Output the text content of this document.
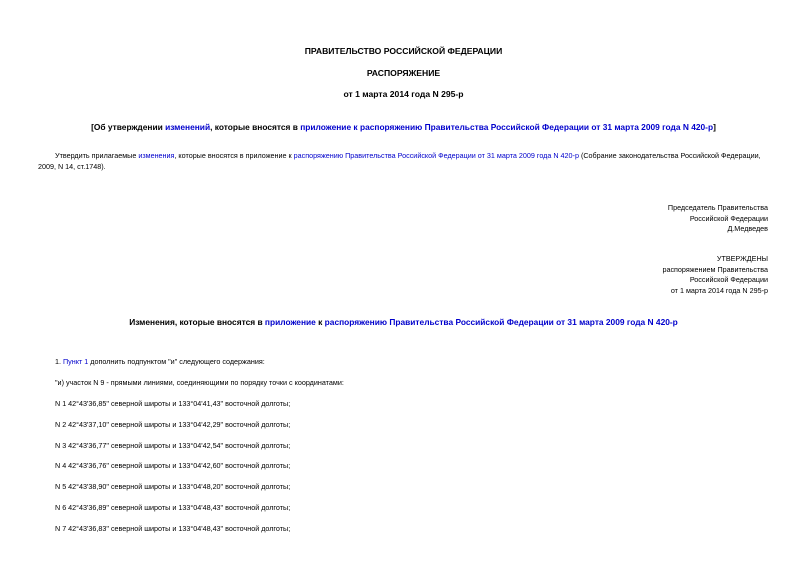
ПРАВИТЕЛЬСТВО РОССИЙСКОЙ ФЕДЕРАЦИИ
РАСПОРЯЖЕНИЕ
от 1 марта 2014 года N 295-р
[Об утверждении изменений, которые вносятся в приложение к распоряжению Правительства Российской Федерации от 31 марта 2009 года N 420-р]
Утвердить прилагаемые изменения, которые вносятся в приложение к распоряжению Правительства Российской Федерации от 31 марта 2009 года N 420-р (Собрание законодательства Российской Федерации,
2009, N 14, ст.1748).
Председатель Правительства
Российской Федерации
Д.Медведев
УТВЕРЖДЕНЫ
распоряжением Правительства
Российской Федерации
от 1 марта 2014 года N 295-р
Изменения, которые вносятся в приложение к распоряжению Правительства Российской Федерации от 31 марта 2009 года N 420-р
1. Пункт 1 дополнить подпунктом "и" следующего содержания:
"и) участок N 9 - прямыми линиями, соединяющими по порядку точки с координатами:
N 1 42°43'36,85" северной широты и 133°04'41,43" восточной долготы;
N 2 42°43'37,10" северной широты и 133°04'42,29" восточной долготы;
N 3 42°43'36,77" северной широты и 133°04'42,54" восточной долготы;
N 4 42°43'36,76" северной широты и 133°04'42,60" восточной долготы;
N 5 42°43'38,90" северной широты и 133°04'48,20" восточной долготы;
N 6 42°43'36,89" северной широты и 133°04'48,43" восточной долготы;
N 7 42°43'36,83" северной широты и 133°04'48,43" восточной долготы;
